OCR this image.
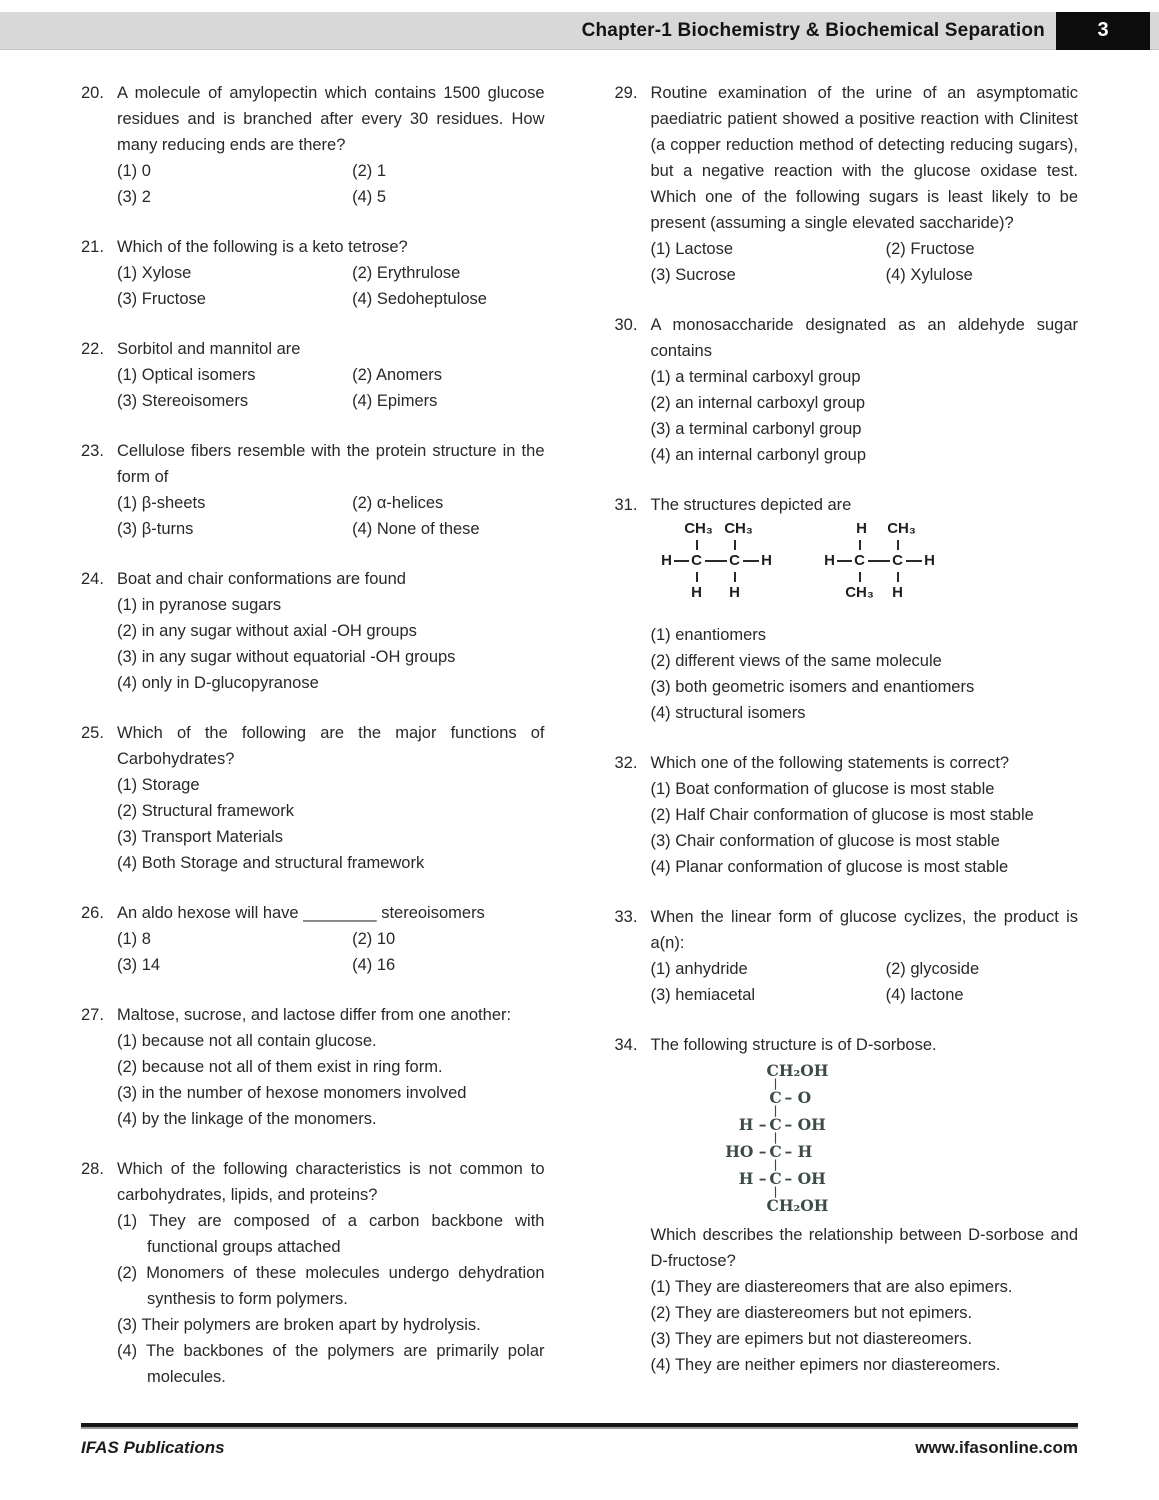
Chapter-1 Biochemistry & Biochemical Separation	3
20. A molecule of amylopectin which contains 1500 glucose residues and is branched after every 30 residues. How many reducing ends are there?
(1) 0	(2) 1
(3) 2	(4) 5
21. Which of the following is a keto tetrose?
(1) Xylose	(2) Erythrulose
(3) Fructose	(4) Sedoheptulose
22. Sorbitol and mannitol are
(1) Optical isomers	(2) Anomers
(3) Stereoisomers	(4) Epimers
23. Cellulose fibers resemble with the protein structure in the form of
(1) β-sheets	(2) α-helices
(3) β-turns	(4) None of these
24. Boat and chair conformations are found
(1) in pyranose sugars
(2) in any sugar without axial -OH groups
(3) in any sugar without equatorial -OH groups
(4) only in D-glucopyranose
25. Which of the following are the major functions of Carbohydrates?
(1) Storage
(2) Structural framework
(3) Transport Materials
(4) Both Storage and structural framework
26. An aldo hexose will have ________ stereoisomers
(1) 8	(2) 10
(3) 14	(4) 16
27. Maltose, sucrose, and lactose differ from one another:
(1) because not all contain glucose.
(2) because not all of them exist in ring form.
(3) in the number of hexose monomers involved
(4) by the linkage of the monomers.
28. Which of the following characteristics is not common to carbohydrates, lipids, and proteins?
(1) They are composed of a carbon backbone with functional groups attached
(2) Monomers of these molecules undergo dehydration synthesis to form polymers.
(3) Their polymers are broken apart by hydrolysis.
(4) The backbones of the polymers are primarily polar molecules.
29. Routine examination of the urine of an asymptomatic paediatric patient showed a positive reaction with Clinitest (a copper reduction method of detecting reducing sugars), but a negative reaction with the glucose oxidase test. Which one of the following sugars is least likely to be present (assuming a single elevated saccharide)?
(1) Lactose	(2) Fructose
(3) Sucrose	(4) Xylulose
30. A monosaccharide designated as an aldehyde sugar contains
(1) a terminal carboxyl group
(2) an internal carboxyl group
(3) a terminal carbonyl group
(4) an internal carbonyl group
31. The structures depicted are
CH₃ CH₃
H C C H
H H
H CH₃
H C C H
CH₃ H
(1) enantiomers
(2) different views of the same molecule
(3) both geometric isomers and enantiomers
(4) structural isomers
32. Which one of the following statements is correct?
(1) Boat conformation of glucose is most stable
(2) Half Chair conformation of glucose is most stable
(3) Chair conformation of glucose is most stable
(4) Planar conformation of glucose is most stable
33. When the linear form of glucose cyclizes, the product is a(n):
(1) anhydride	(2) glycoside
(3) hemiacetal	(4) lactone
34. The following structure is of D-sorbose.
CH₂OH
|
C – O
|
H – C – OH
|
HO – C – H
|
H – C – OH
|
CH₂OH
Which describes the relationship between D-sorbose and D-fructose?
(1) They are diastereomers that are also epimers.
(2) They are diastereomers but not epimers.
(3) They are epimers but not diastereomers.
(4) They are neither epimers nor diastereomers.
IFAS Publications	www.ifasonline.com
